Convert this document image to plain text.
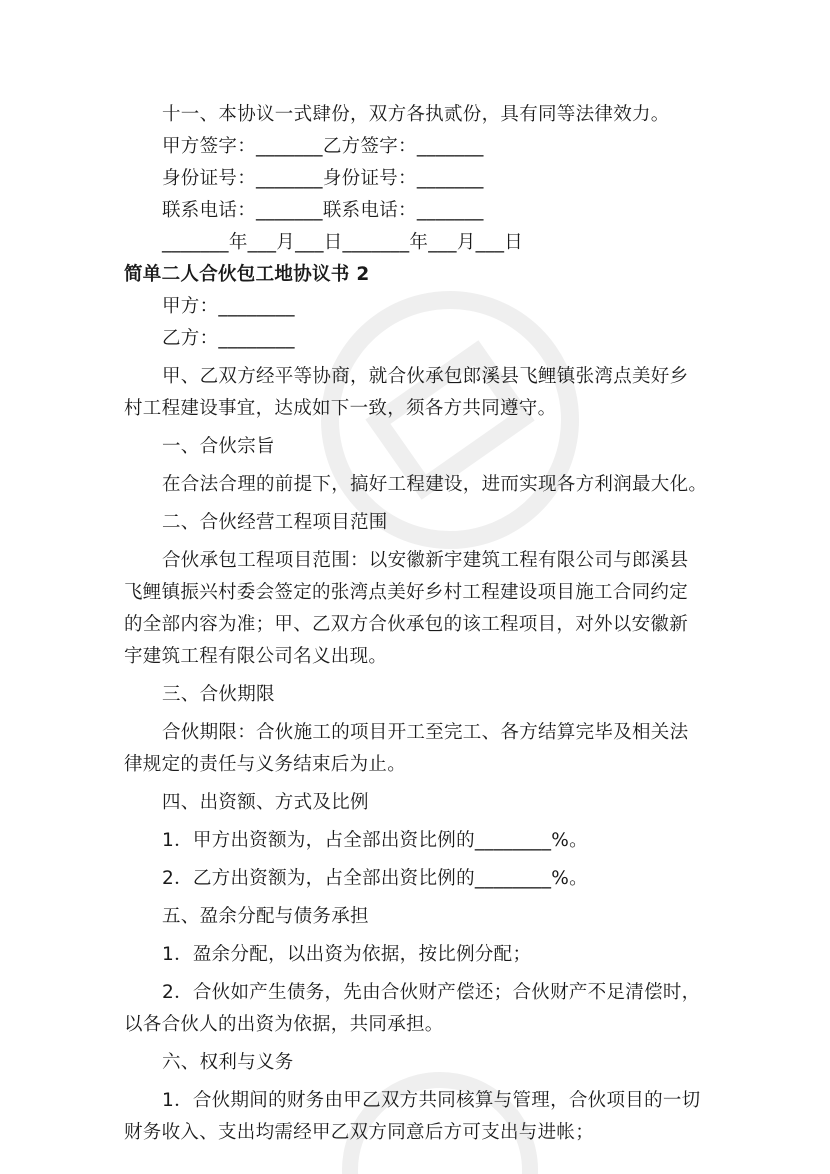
十一、本协议一式肆份，双方各执贰份，具有同等法律效力。
甲方签字：_______乙方签字：_______
身份证号：_______身份证号：_______
联系电话：_______联系电话：_______
_______年___月___日_______年___月___日
简单二人合伙包工地协议书 2
甲方：________
乙方：________
甲、乙双方经平等协商，就合伙承包郎溪县飞鲤镇张湾点美好乡
村工程建设事宜，达成如下一致，须各方共同遵守。
一、合伙宗旨
在合法合理的前提下，搞好工程建设，进而实现各方利润最大化。
二、合伙经营工程项目范围
合伙承包工程项目范围：以安徽新宇建筑工程有限公司与郎溪县
飞鲤镇振兴村委会签定的张湾点美好乡村工程建设项目施工合同约定
的全部内容为准；甲、乙双方合伙承包的该工程项目，对外以安徽新
宇建筑工程有限公司名义出现。
三、合伙期限
合伙期限：合伙施工的项目开工至完工、各方结算完毕及相关法
律规定的责任与义务结束后为止。
四、出资额、方式及比例
1．甲方出资额为，占全部出资比例的________%。
2．乙方出资额为，占全部出资比例的________%。
五、盈余分配与债务承担
1．盈余分配，以出资为依据，按比例分配；
2．合伙如产生债务，先由合伙财产偿还；合伙财产不足清偿时，
以各合伙人的出资为依据，共同承担。
六、权利与义务
1．合伙期间的财务由甲乙双方共同核算与管理，合伙项目的一切
财务收入、支出均需经甲乙双方同意后方可支出与进帐；
